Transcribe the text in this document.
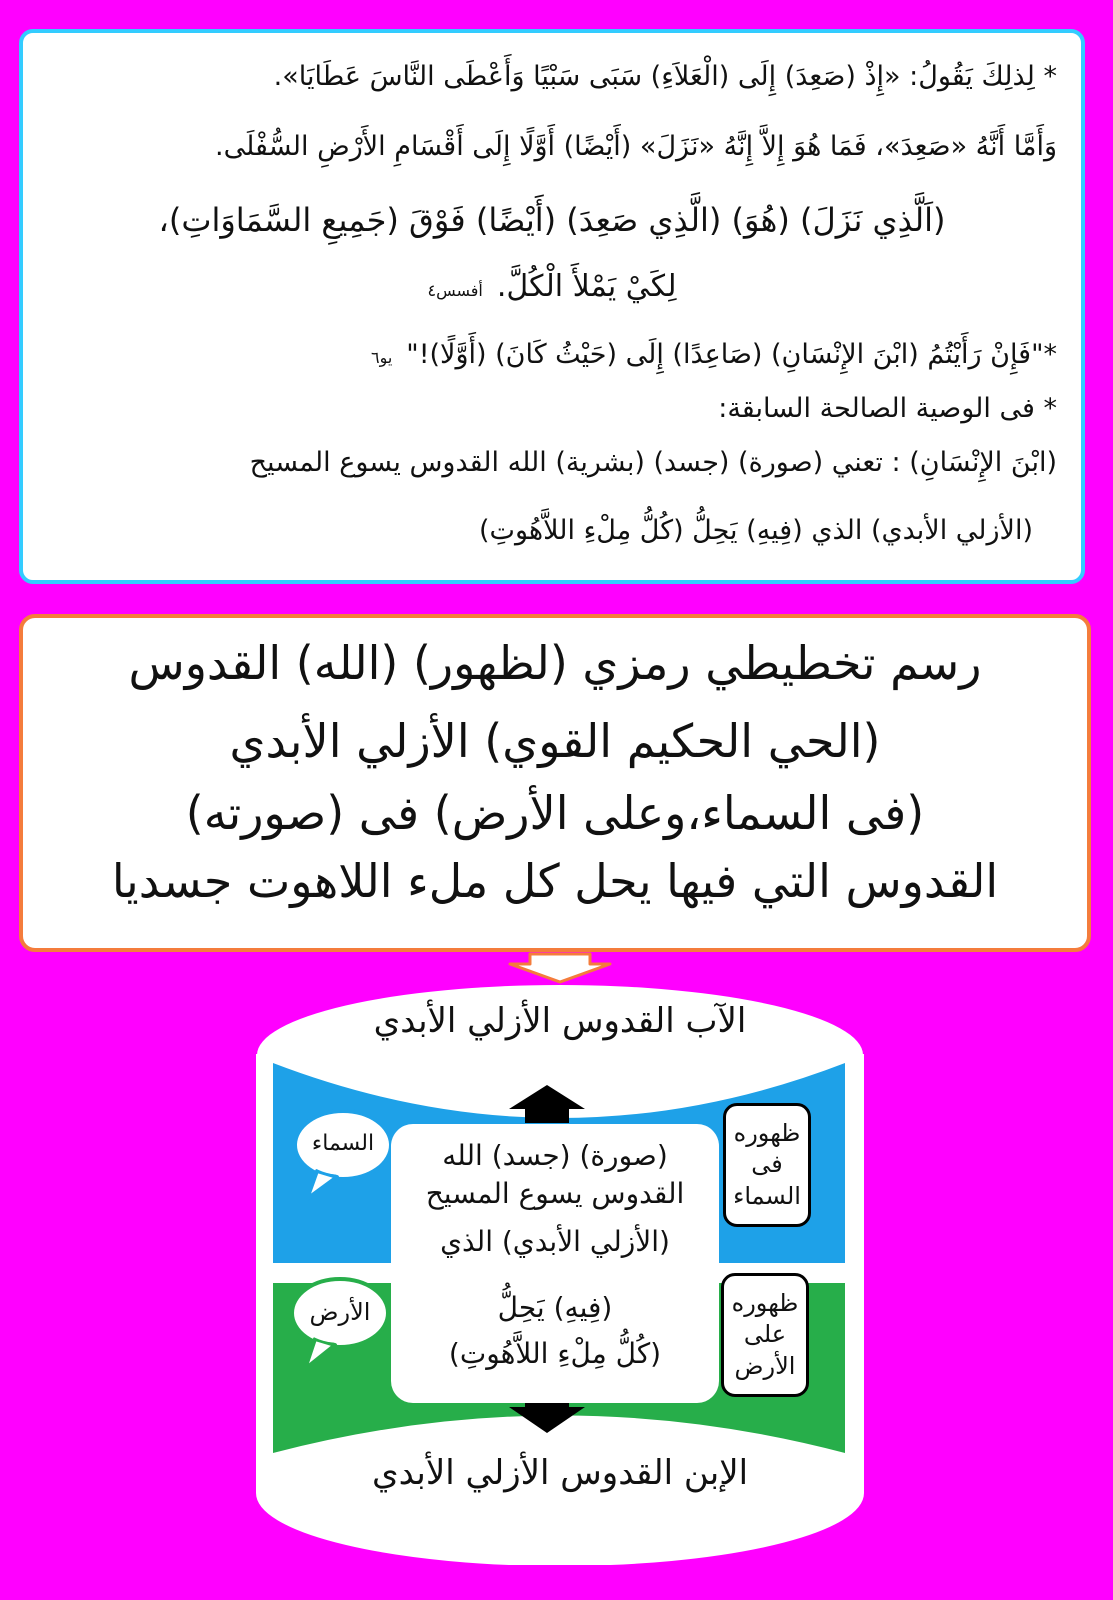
* لِذلِكَ يَقُولُ: «إِذْ (صَعِدَ) إِلَى (الْعَلاَءِ) سَبَى سَبْيًا وَأَعْطَى النَّاسَ عَطَايَا».
وَأَمَّا أَنَّهُ «صَعِدَ»، فَمَا هُوَ إِلاَّ إِنَّهُ «نَزَلَ» (أَيْضًا) أَوَّلًا إِلَى أَقْسَامِ الأَرْضِ السُّفْلَى.
(اَلَّذِي نَزَلَ) (هُوَ) (الَّذِي صَعِدَ) (أَيْضًا) فَوْقَ (جَمِيعِ السَّمَاوَاتِ)،
لِكَيْ يَمْلأَ الْكُلَّ.أفسس٤
*"فَإِنْ رَأَيْتُمُ (ابْنَ الإِنْسَانِ) (صَاعِدًا) إِلَى (حَيْثُ كَانَ) (أَوَّلًا)!"يو٦
* فى الوصية الصالحة السابقة:
(ابْنَ الإِنْسَانِ) : تعني (صورة) (جسد) (بشرية) الله القدوس يسوع المسيح
(الأزلي الأبدي) الذي (فِيهِ) يَحِلُّ (كُلُّ مِلْءِ اللاَّهُوتِ)
رسم تخطيطي رمزي (لظهور) (الله) القدوس
(الحي الحكيم القوي) الأزلي الأبدي
(فى السماء،وعلى الأرض) فى (صورته)
القدوس التي فيها يحل كل ملء اللاهوت جسديا
الآب القدوس الأزلي الأبدي
الإبن القدوس الأزلي الأبدي
السماء
الأرض
(صورة) (جسد) الله
القدوس يسوع المسيح
(الأزلي الأبدي) الذي
(فِيهِ) يَحِلُّ
(كُلُّ مِلْءِ اللاَّهُوتِ)
ظهوره
فى
السماء
ظهوره
على
الأرض
